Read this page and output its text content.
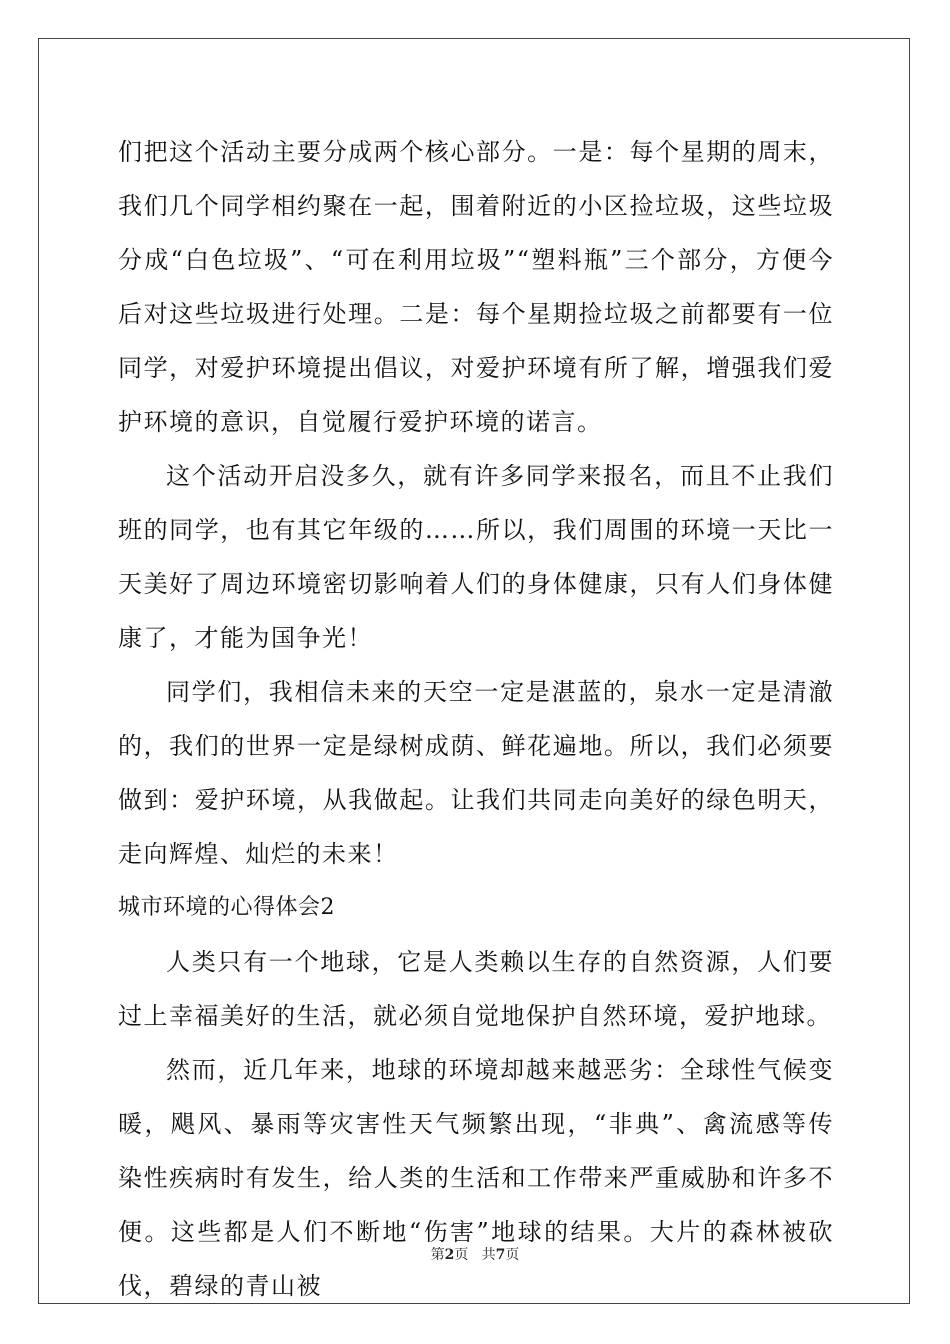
们把这个活动主要分成两个核心部分。一是：每个星期的周末，我们几个同学相约聚在一起，围着附近的小区捡垃圾，这些垃圾分成“白色垃圾”、“可在利用垃圾”“塑料瓶”三个部分，方便今后对这些垃圾进行处理。二是：每个星期捡垃圾之前都要有一位同学，对爱护环境提出倡议，对爱护环境有所了解，增强我们爱护环境的意识，自觉履行爱护环境的诺言。

这个活动开启没多久，就有许多同学来报名，而且不止我们班的同学，也有其它年级的……所以，我们周围的环境一天比一天美好了周边环境密切影响着人们的身体健康，只有人们身体健康了，才能为国争光！

同学们，我相信未来的天空一定是湛蓝的，泉水一定是清澈的，我们的世界一定是绿树成荫、鲜花遍地。所以，我们必须要做到：爱护环境，从我做起。让我们共同走向美好的绿色明天，走向辉煌、灿烂的未来！

城市环境的心得体会2

人类只有一个地球，它是人类赖以生存的自然资源，人们要过上幸福美好的生活，就必须自觉地保护自然环境，爱护地球。

然而，近几年来，地球的环境却越来越恶劣：全球性气候变暖，飓风、暴雨等灾害性天气频繁出现，“非典”、禽流感等传染性疾病时有发生，给人类的生活和工作带来严重威胁和许多不便。这些都是人们不断地“伤害”地球的结果。大片的森林被砍伐，碧绿的青山被

第2页 共7页
